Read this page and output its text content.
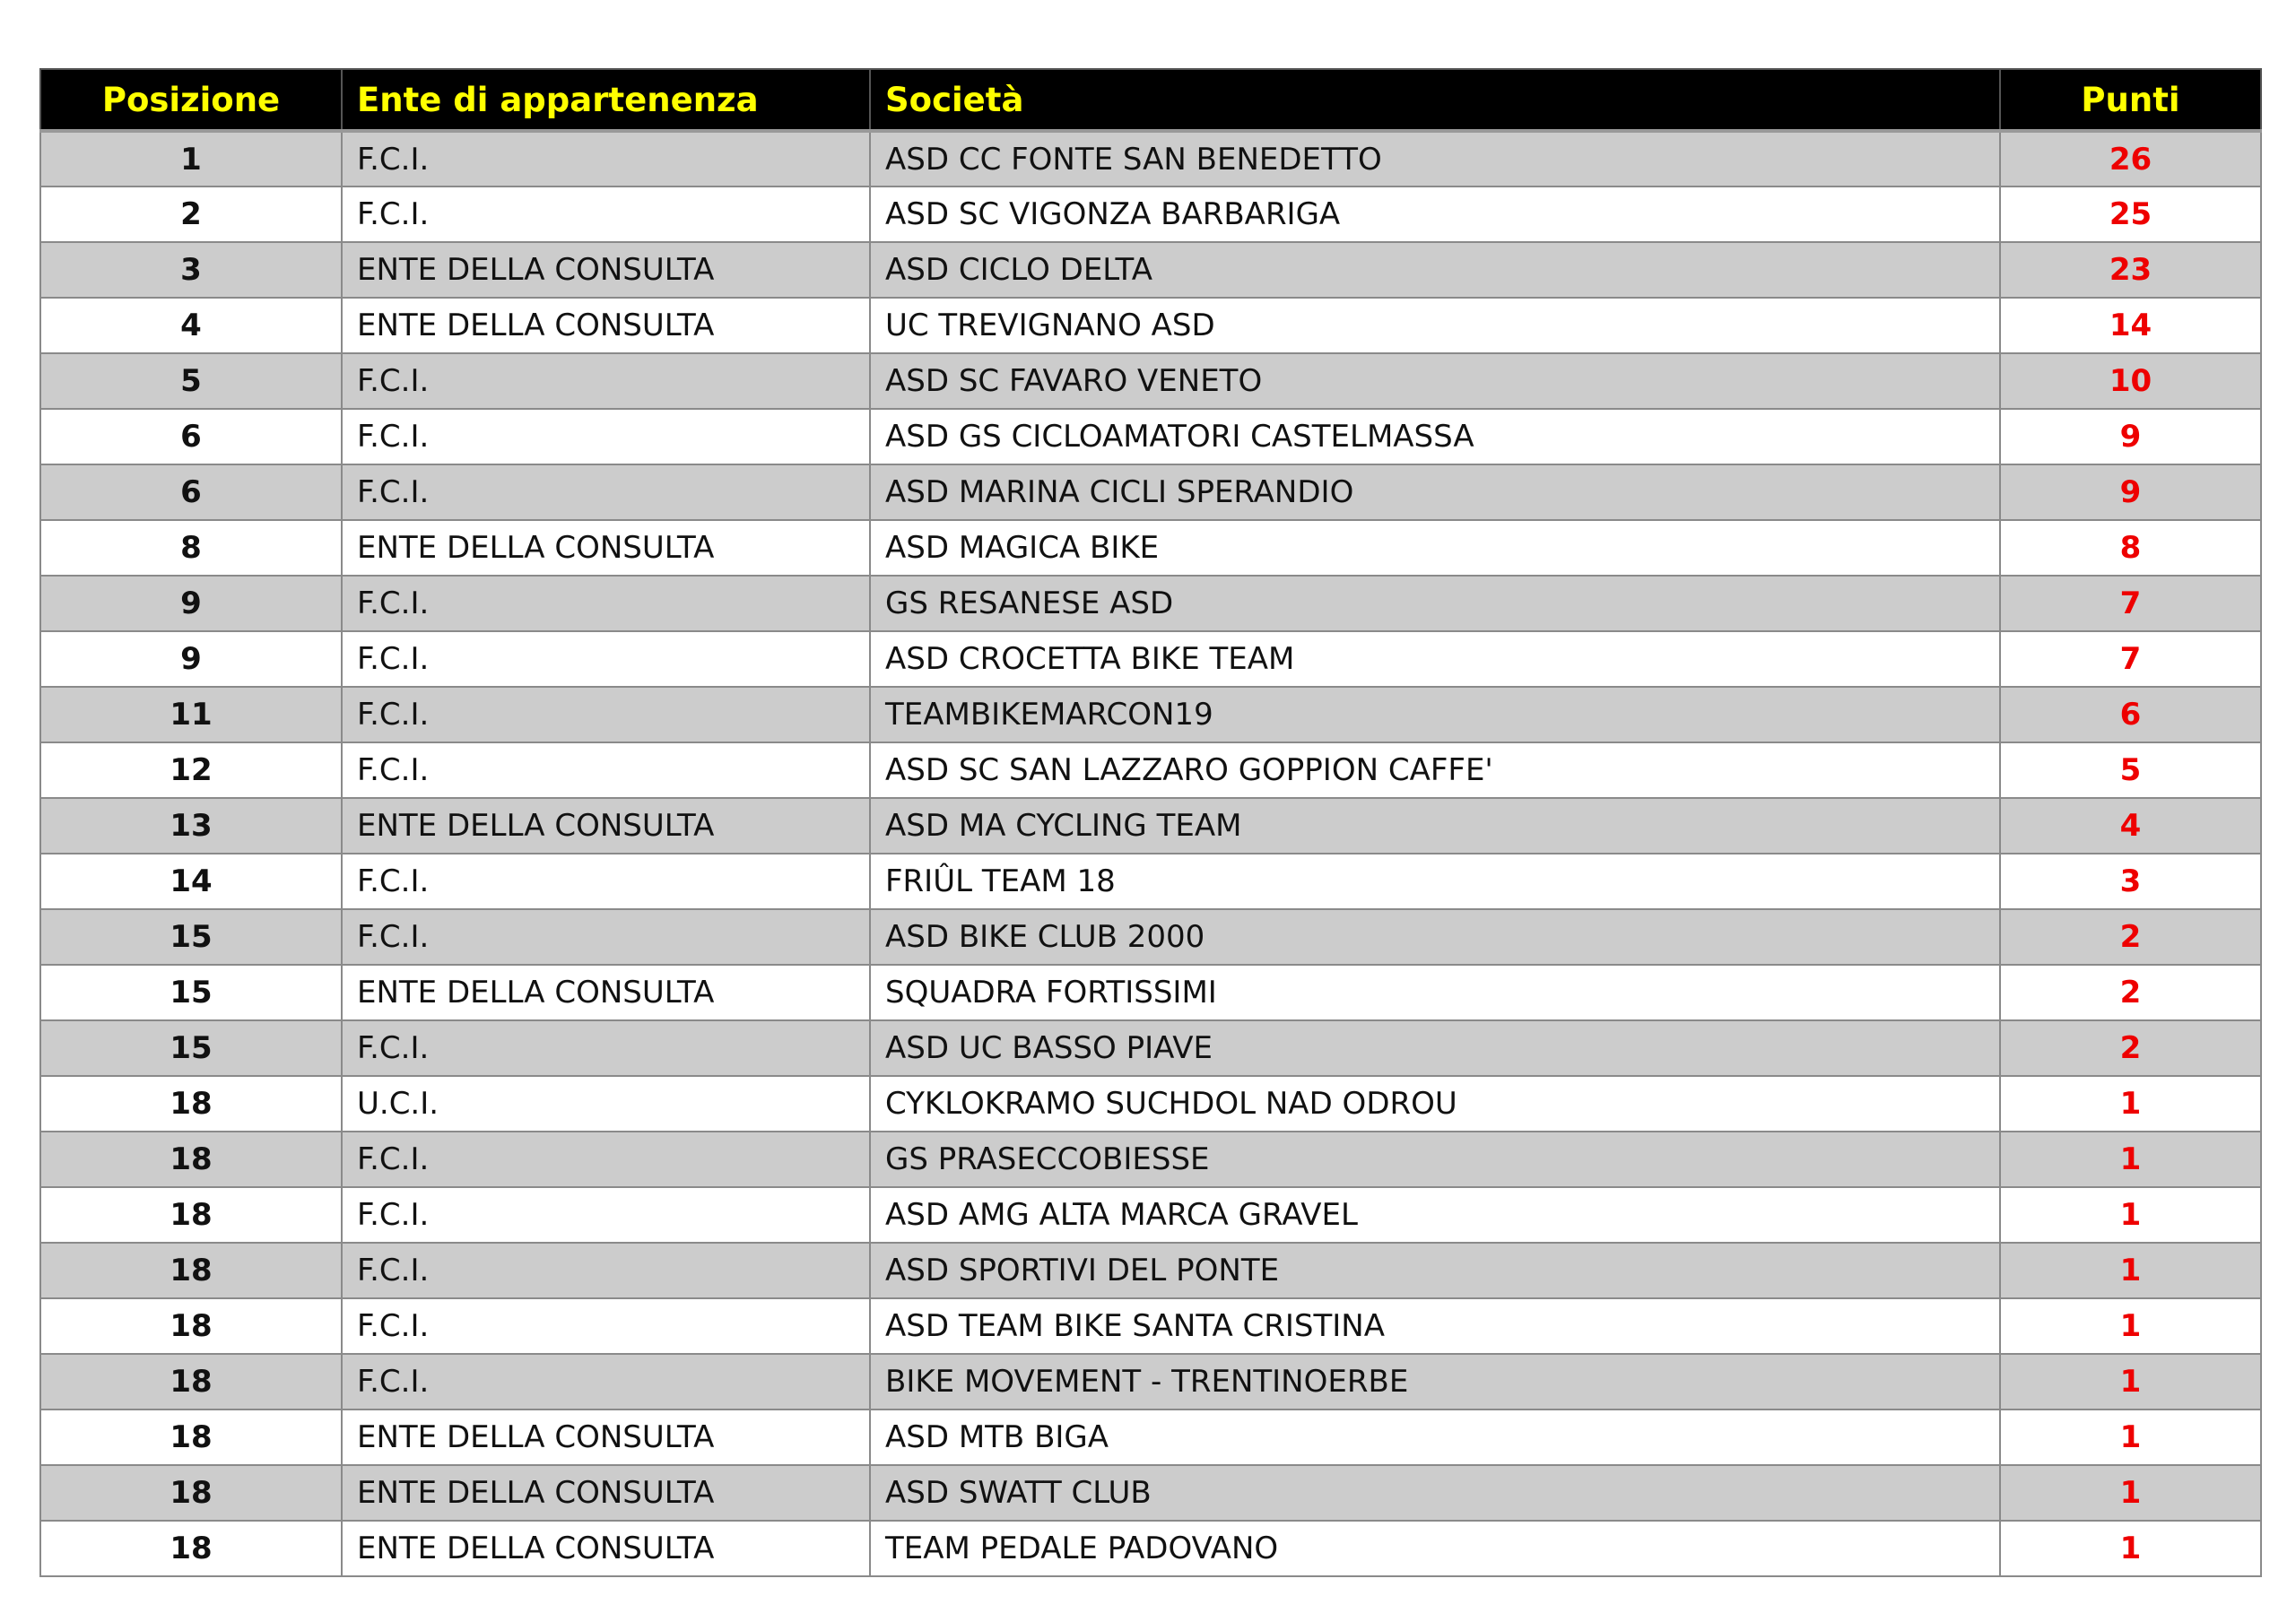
Posizione	Ente di appartenenza	Società	Punti
1	F.C.I.	ASD CC FONTE SAN BENEDETTO	26
2	F.C.I.	ASD SC VIGONZA BARBARIGA	25
3	ENTE DELLA CONSULTA	ASD CICLO DELTA	23
4	ENTE DELLA CONSULTA	UC TREVIGNANO ASD	14
5	F.C.I.	ASD SC FAVARO VENETO	10
6	F.C.I.	ASD GS CICLOAMATORI CASTELMASSA	9
6	F.C.I.	ASD MARINA CICLI SPERANDIO	9
8	ENTE DELLA CONSULTA	ASD MAGICA BIKE	8
9	F.C.I.	GS RESANESE ASD	7
9	F.C.I.	ASD CROCETTA BIKE TEAM	7
11	F.C.I.	TEAMBIKEMARCON19	6
12	F.C.I.	ASD SC SAN LAZZARO GOPPION CAFFE'	5
13	ENTE DELLA CONSULTA	ASD MA CYCLING TEAM	4
14	F.C.I.	FRIÛL TEAM 18	3
15	F.C.I.	ASD BIKE CLUB 2000	2
15	ENTE DELLA CONSULTA	SQUADRA FORTISSIMI	2
15	F.C.I.	ASD UC BASSO PIAVE	2
18	U.C.I.	CYKLOKRAMO SUCHDOL NAD ODROU	1
18	F.C.I.	GS PRASECCOBIESSE	1
18	F.C.I.	ASD AMG ALTA MARCA GRAVEL	1
18	F.C.I.	ASD SPORTIVI DEL PONTE	1
18	F.C.I.	ASD TEAM BIKE SANTA CRISTINA	1
18	F.C.I.	BIKE MOVEMENT - TRENTINOERBE	1
18	ENTE DELLA CONSULTA	ASD MTB BIGA	1
18	ENTE DELLA CONSULTA	ASD SWATT CLUB	1
18	ENTE DELLA CONSULTA	TEAM PEDALE PADOVANO	1
